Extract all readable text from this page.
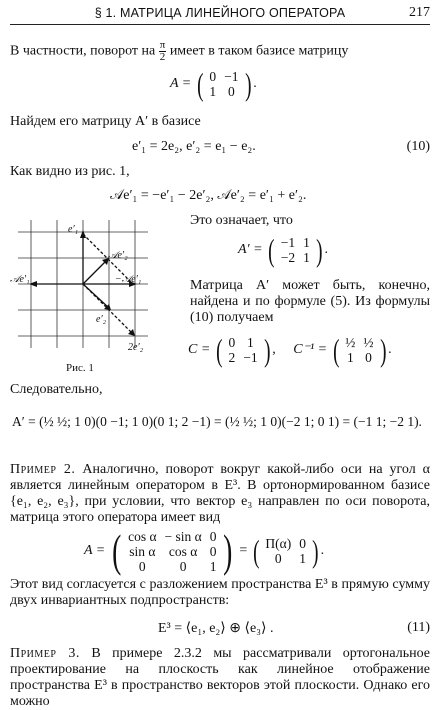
§ 1. МАТРИЦА ЛИНЕЙНОГО ОПЕРАТОРА	217
В частности, поворот на $\frac{\pi}{2}$ имеет в таком базисе матрицу
A = ( 0	−1
1	0 ) .
Найдем его матрицу A′ в базисе
e′₁ = 2e₂, e′₂ = e₁ − e₂.	(10)
Как видно из рис. 1,
𝒜e′₁ = −e′₁ − 2e′₂, 𝒜e′₂ = e′₁ + e′₂.
e′₁
𝒜e′₂
𝒜e′₁	−𝒜e′₁
e′₂
2e′₂
Рис. 1
Это означает, что
A′ = ( −1	1
−2	1 ) .
Матрица A′ может быть, конечно, найдена и по формуле (5). Из формулы (10) получаем
C = ( 0	1
2	−1 ) , C⁻¹ = ( ½	½
1	0 ) .
Следовательно,
A′ = (½ ½; 1 0)(0 −1; 1 0)(0 1; 2 −1) = (½ ½; 1 0)(−2 1; 0 1) = (−1 1; −2 1).
Пример 2. Аналогично, поворот вокруг какой-либо оси на угол α является линейным оператором в E³. В ортонормированном базисе {e₁, e₂, e₃}, при условии, что вектор e₃ направлен по оси поворота, матрица этого оператора имеет вид
A = ( cos α	− sin α	0
sin α	cos α	0
0	0	1 ) = ( Π(α)	0
0	1 ) .
Этот вид согласуется с разложением пространства E³ в прямую сумму двух инвариантных подпространств:
E³ = ⟨e₁, e₂⟩ ⊕ ⟨e₃⟩ .	(11)
Пример 3. В примере 2.3.2 мы рассматривали ортогональное проектирование на плоскость как линейное отображение пространства E³ в пространство векторов этой плоскости. Однако его можно
